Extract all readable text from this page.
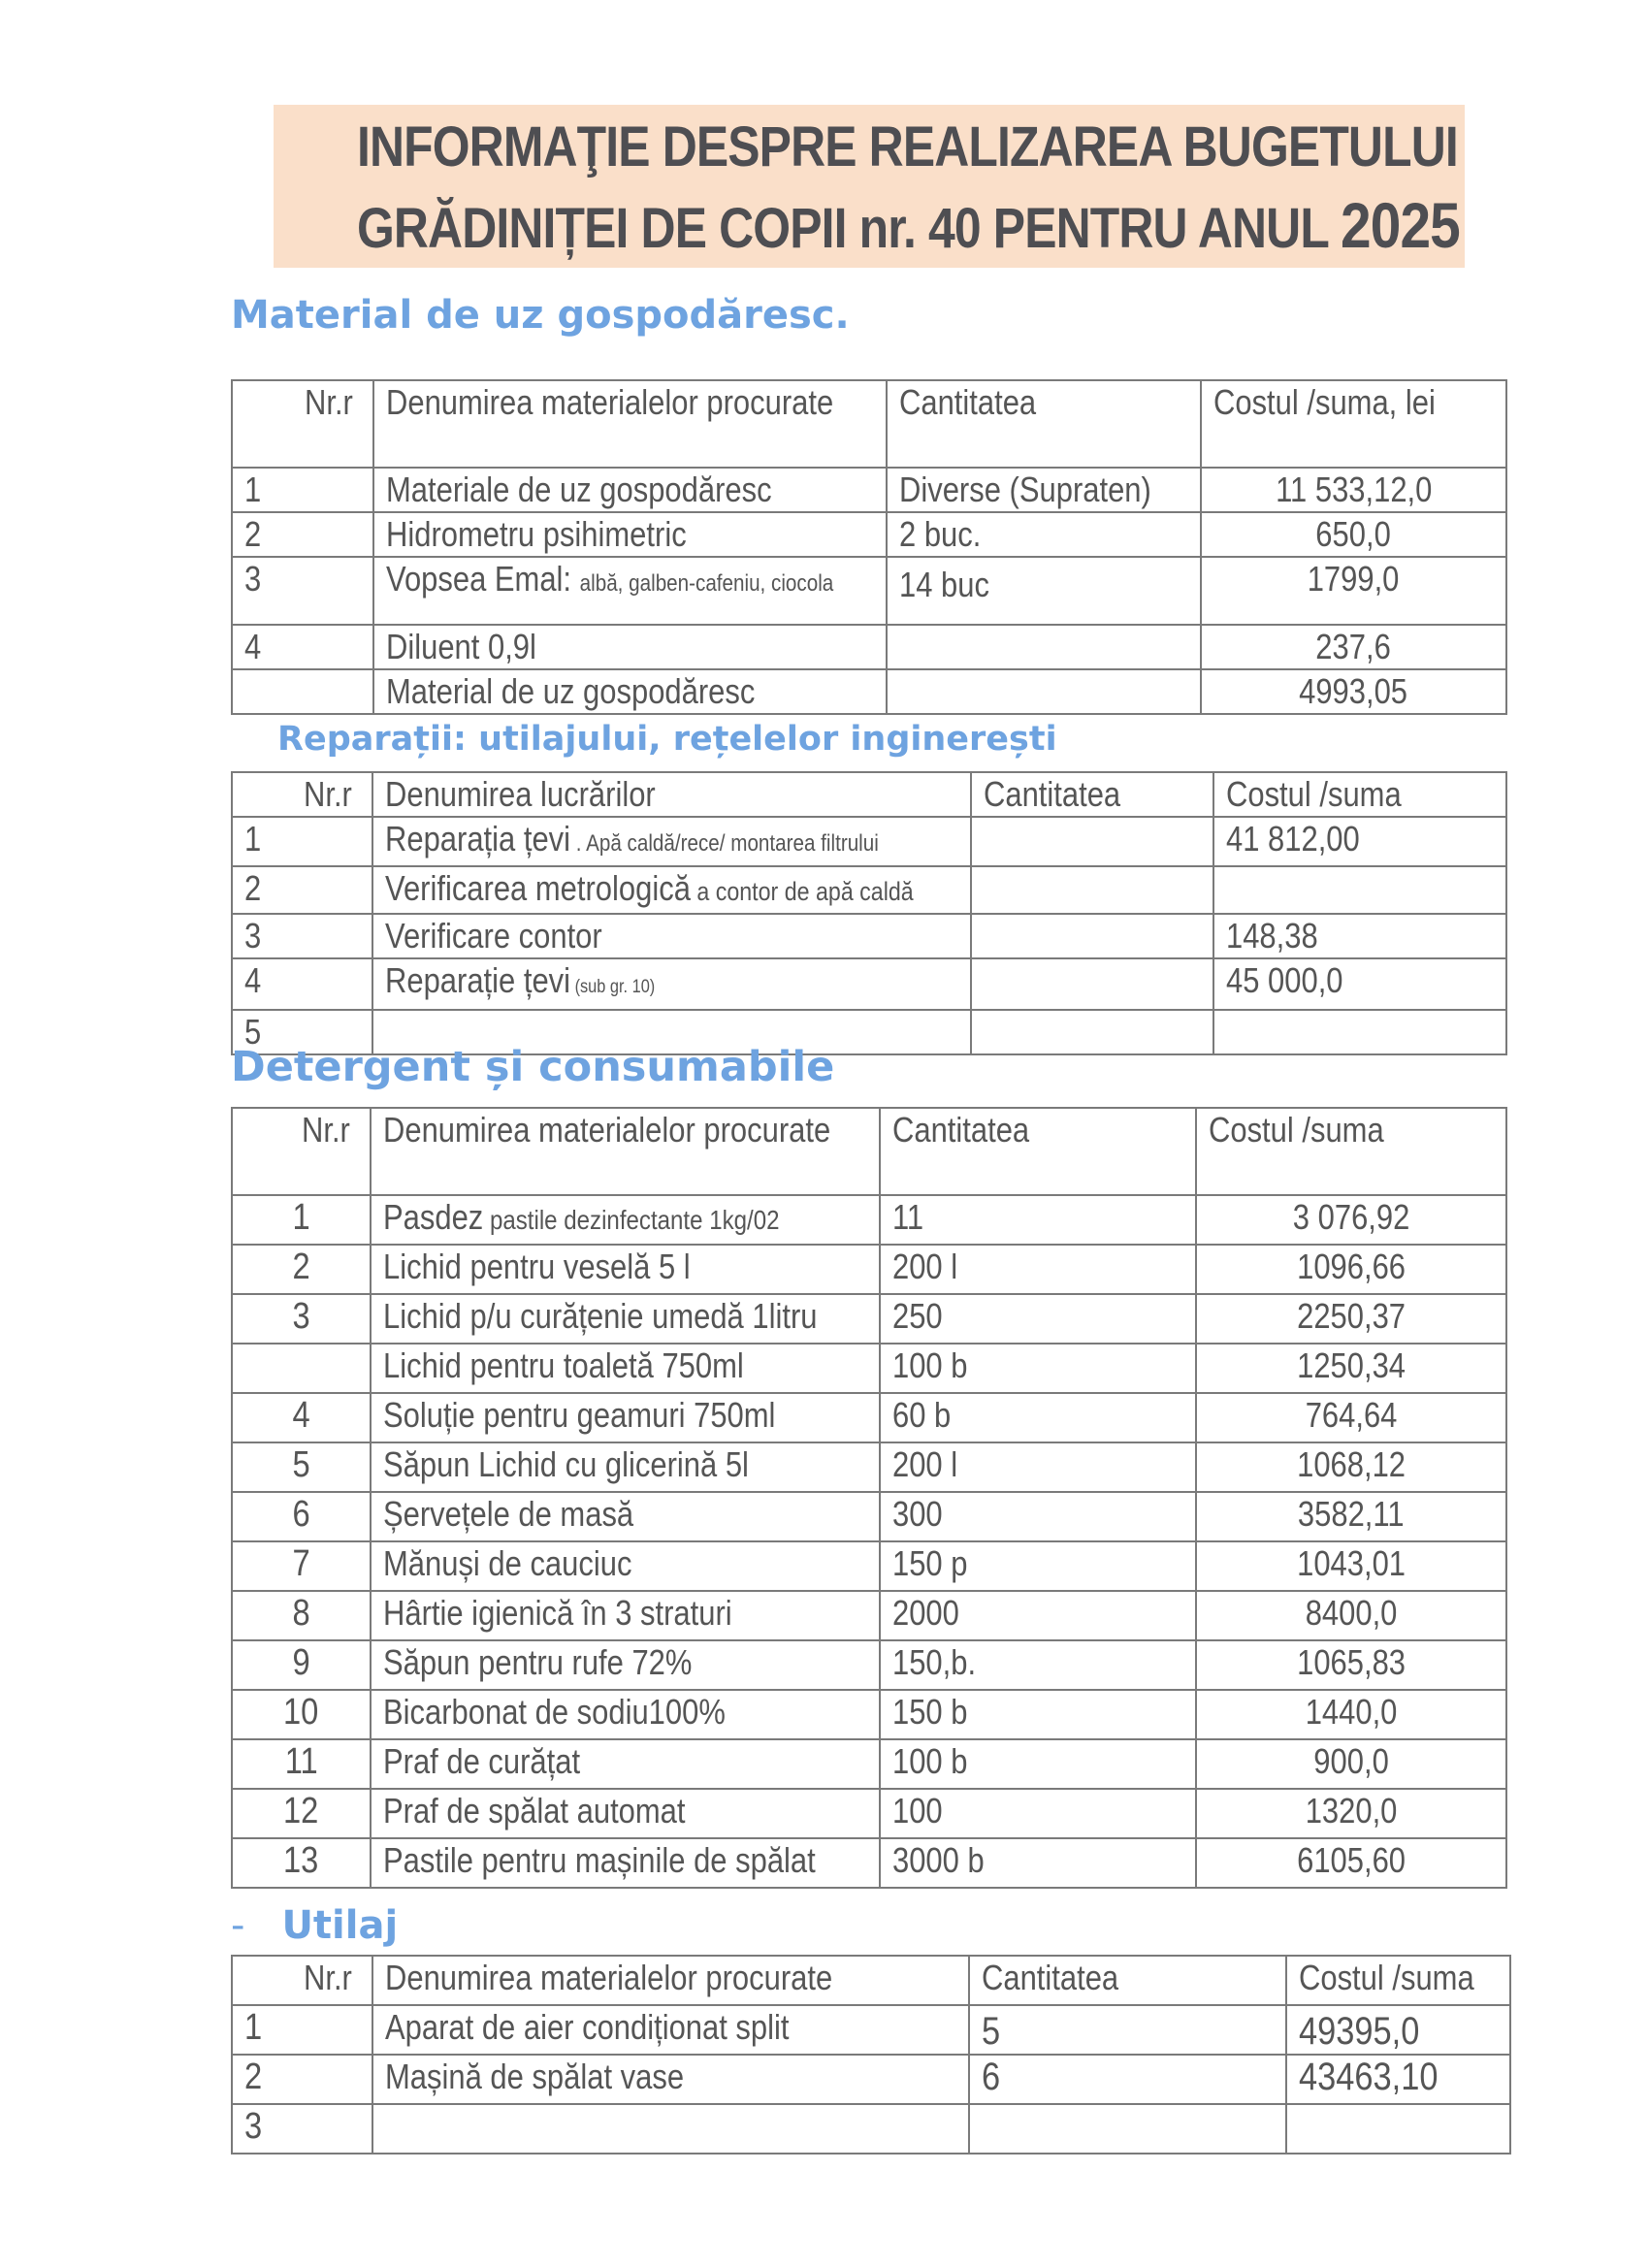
INFORMAŢIE DESPRE REALIZAREA BUGETULUI
GRĂDINIȚEI DE COPII nr. 40 PENTRU ANUL 2025
Material de uz gospodăresc.
Nr.r	Denumirea materialelor procurate	Cantitatea	Costul /suma, lei
1	Materiale de uz gospodăresc	Diverse (Supraten)	11 533,12,0
2	Hidrometru psihimetric	2 buc.	650,0
3	Vopsea Emal: albă, galben-cafeniu, ciocola	14 buc	1799,0
4	Diluent 0,9l		237,6
	Material de uz gospodăresc		4993,05
Reparații: utilajului, rețelelor inginerești
Nr.r	Denumirea lucrărilor	Cantitatea	Costul /suma
1	Reparația țevi . Apă caldă/rece/ montarea filtrului		41 812,00
2	Verificarea metrologică a contor de apă caldă		
3	Verificare contor		148,38
4	Reparație țevi (sub gr. 10)		45 000,0
5			
Detergent și consumabile
Nr.r	Denumirea materialelor procurate	Cantitatea	Costul /suma
1	Pasdez pastile dezinfectante 1kg/02	11	3 076,92
2	Lichid pentru veselă 5 l	200 l	1096,66
3	Lichid p/u curățenie umedă 1litru	250	2250,37
	Lichid pentru toaletă 750ml	100 b	1250,34
4	Soluție pentru geamuri 750ml	60 b	764,64
5	Săpun Lichid cu glicerină 5l	200 l	1068,12
6	Șervețele de masă	300	3582,11
7	Mănuși de cauciuc	150 p	1043,01
8	Hârtie igienică în 3 straturi	2000	8400,0
9	Săpun pentru rufe 72%	150,b.	1065,83
10	Bicarbonat de sodiu100%	150 b	1440,0
11	Praf de curățat	100 b	900,0
12	Praf de spălat automat	100	1320,0
13	Pastile pentru mașinile de spălat	3000 b	6105,60
- Utilaj
Nr.r	Denumirea materialelor procurate	Cantitatea	Costul /suma
1	Aparat de aier condiționat split	5	49395,0
2	Mașină de spălat vase	6	43463,10
3			
